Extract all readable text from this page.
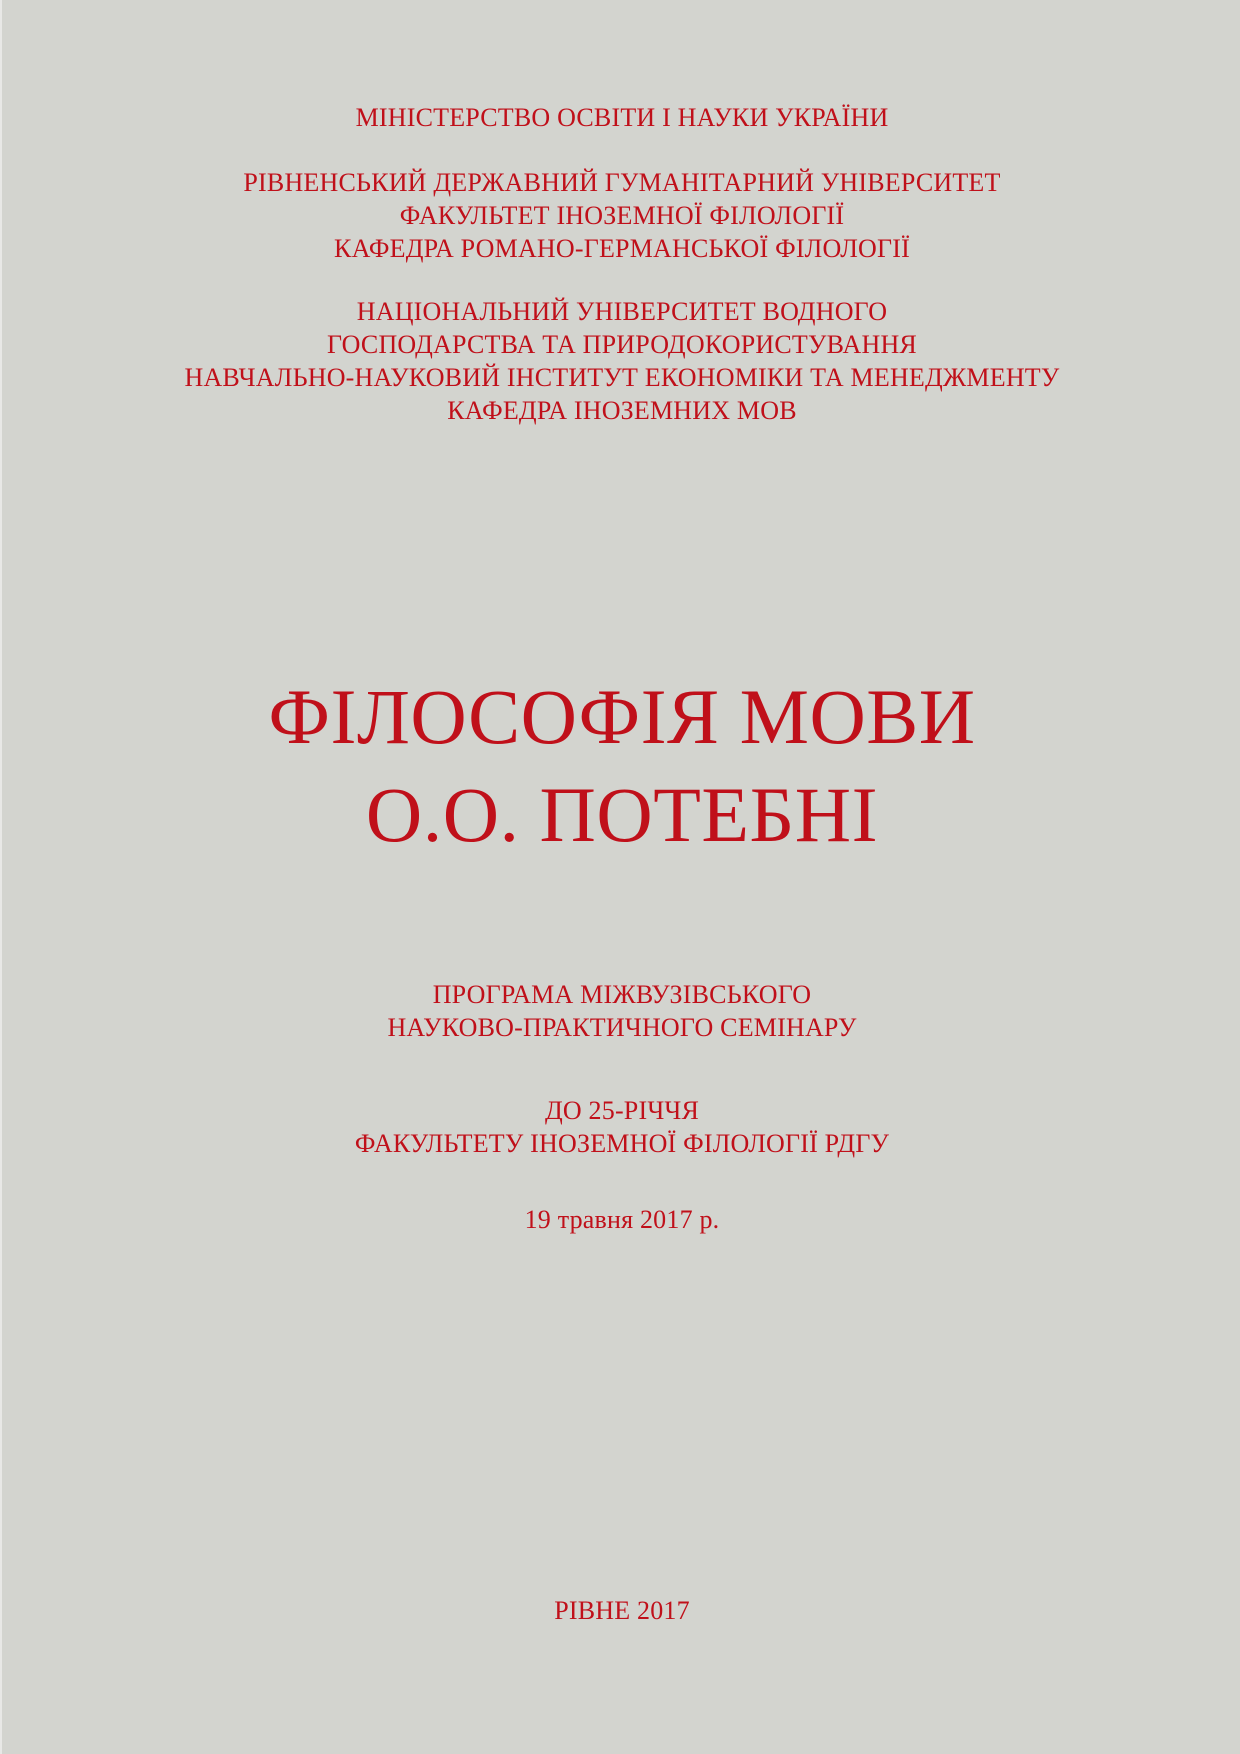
МІНІСТЕРСТВО ОСВІТИ І НАУКИ УКРАЇНИ
РІВНЕНСЬКИЙ ДЕРЖАВНИЙ ГУМАНІТАРНИЙ УНІВЕРСИТЕТ
ФАКУЛЬТЕТ ІНОЗЕМНОЇ ФІЛОЛОГІЇ
КАФЕДРА РОМАНО-ГЕРМАНСЬКОЇ ФІЛОЛОГІЇ
НАЦІОНАЛЬНИЙ УНІВЕРСИТЕТ ВОДНОГО
ГОСПОДАРСТВА ТА ПРИРОДОКОРИСТУВАННЯ
НАВЧАЛЬНО-НАУКОВИЙ ІНСТИТУТ ЕКОНОМІКИ ТА МЕНЕДЖМЕНТУ
КАФЕДРА ІНОЗЕМНИХ МОВ
ФІЛОСОФІЯ МОВИ
О.О. ПОТЕБНІ
ПРОГРАМА МІЖВУЗІВСЬКОГО
НАУКОВО-ПРАКТИЧНОГО СЕМІНАРУ
ДО 25-РІЧЧЯ
ФАКУЛЬТЕТУ ІНОЗЕМНОЇ ФІЛОЛОГІЇ РДГУ
19 травня 2017 р.
РІВНЕ 2017
